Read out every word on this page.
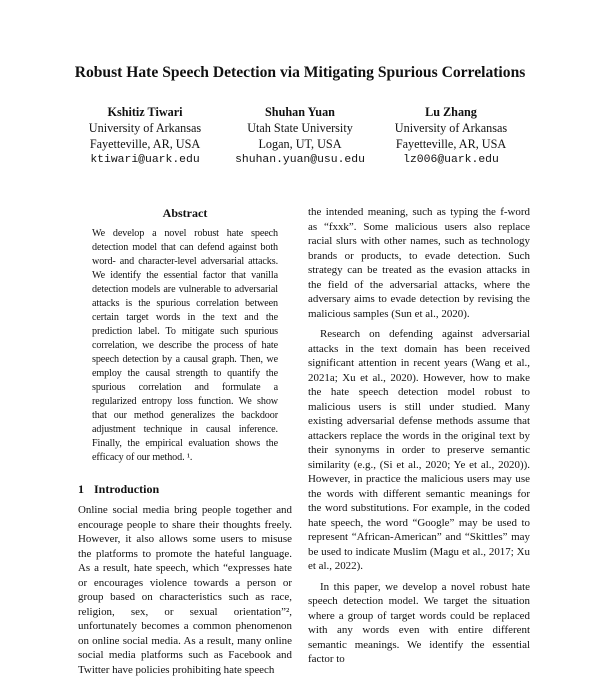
Robust Hate Speech Detection via Mitigating Spurious Correlations
Kshitiz Tiwari
University of Arkansas
Fayetteville, AR, USA
ktiwari@uark.edu
Shuhan Yuan
Utah State University
Logan, UT, USA
shuhan.yuan@usu.edu
Lu Zhang
University of Arkansas
Fayetteville, AR, USA
lz006@uark.edu
Abstract

We develop a novel robust hate speech detection model that can defend against both word- and character-level adversarial attacks. We identify the essential factor that vanilla detection models are vulnerable to adversarial attacks is the spurious correlation between certain target words in the text and the prediction label. To mitigate such spurious correlation, we describe the process of hate speech detection by a causal graph. Then, we employ the causal strength to quantify the spurious correlation and formulate a regularized entropy loss function. We show that our method generalizes the backdoor adjustment technique in causal inference. Finally, the empirical evaluation shows the efficacy of our method. ¹.

1 Introduction

Online social media bring people together and encourage people to share their thoughts freely. However, it also allows some users to misuse the platforms to promote the hateful language. As a result, hate speech, which “expresses hate or encourages violence towards a person or group based on characteristics such as race, religion, sex, or sexual orientation”², unfortunately becomes a common phenomenon on online social media. As a result, many online social media platforms such as Facebook and Twitter have policies prohibiting hate speech

the intended meaning, such as typing the f-word as “fxxk”. Some malicious users also replace racial slurs with other names, such as technology brands or products, to evade detection. Such strategy can be treated as the evasion attacks in the field of the adversarial attacks, where the adversary aims to evade detection by revising the malicious samples (Sun et al., 2020).

Research on defending against adversarial attacks in the text domain has been received significant attention in recent years (Wang et al., 2021a; Xu et al., 2020). However, how to make the hate speech detection model robust to malicious users is still under studied. Many existing adversarial defense methods assume that attackers replace the words in the original text by their synonyms in order to preserve semantic similarity (e.g., (Si et al., 2020; Ye et al., 2020)). However, in practice the malicious users may use the words with different semantic meanings for the word substitutions. For example, in the coded hate speech, the word “Google” may be used to represent “African-American” and “Skittles” may be used to indicate Muslim (Magu et al., 2017; Xu et al., 2022).

In this paper, we develop a novel robust hate speech detection model. We target the situation where a group of target words could be replaced with any words even with entire different semantic meanings. We identify the essential factor to
